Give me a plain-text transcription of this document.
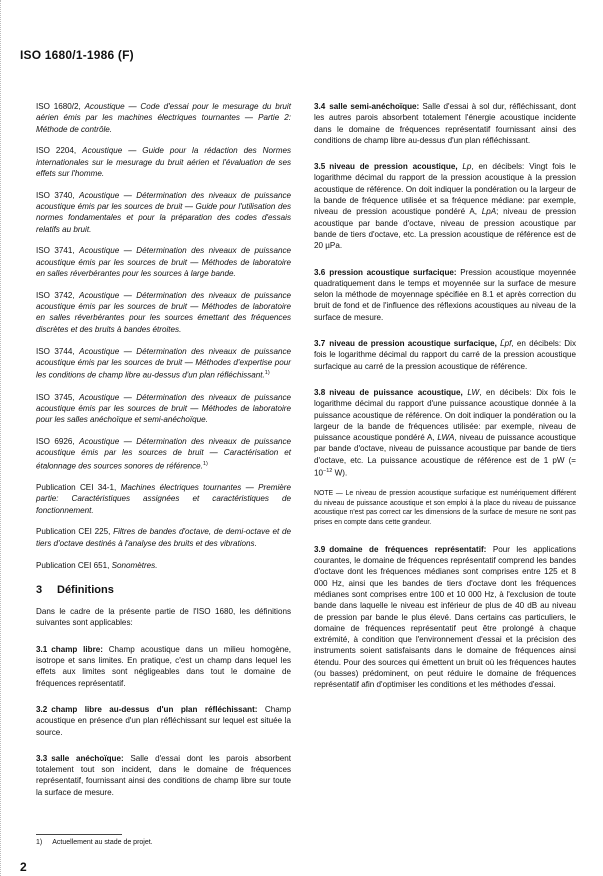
ISO 1680/1-1986 (F)

ISO 1680/2, Acoustique — Code d'essai pour le mesurage du bruit aérien émis par les machines électriques tournantes — Partie 2: Méthode de contrôle.

ISO 2204, Acoustique — Guide pour la rédaction des Normes internationales sur le mesurage du bruit aérien et l'évaluation de ses effets sur l'homme.

ISO 3740, Acoustique — Détermination des niveaux de puissance acoustique émis par les sources de bruit — Guide pour l'utilisation des normes fondamentales et pour la préparation des codes d'essais relatifs au bruit.

ISO 3741, Acoustique — Détermination des niveaux de puissance acoustique émis par les sources de bruit — Méthodes de laboratoire en salles réverbérantes pour les sources à large bande.

ISO 3742, Acoustique — Détermination des niveaux de puissance acoustique émis par les sources de bruit — Méthodes de laboratoire en salles réverbérantes pour les sources émettant des fréquences discrètes et des bruits à bandes étroites.

ISO 3744, Acoustique — Détermination des niveaux de puissance acoustique émis par les sources de bruit — Méthodes d'expertise pour les conditions de champ libre au-dessus d'un plan réfléchissant.$^{1)}$

ISO 3745, Acoustique — Détermination des niveaux de puissance acoustique émis par les sources de bruit — Méthodes de laboratoire pour les salles anéchoïque et semi-anéchoïque.

ISO 6926, Acoustique — Détermination des niveaux de puissance acoustique émis par les sources de bruit — Caractérisation et étalonnage des sources sonores de référence.$^{1)}$

Publication CEI 34-1, Machines électriques tournantes — Première partie: Caractéristiques assignées et caractéristiques de fonctionnement.

Publication CEI 225, Filtres de bandes d'octave, de demi-octave et de tiers d'octave destinés à l'analyse des bruits et des vibrations.

Publication CEI 651, Sonomètres.

3 Définitions

Dans le cadre de la présente partie de l'ISO 1680, les définitions suivantes sont applicables:

3.1 champ libre: Champ acoustique dans un milieu homogène, isotrope et sans limites. En pratique, c'est un champ dans lequel les effets aux limites sont négligeables dans tout le domaine de fréquences représentatif.

3.2 champ libre au-dessus d'un plan réfléchissant: Champ acoustique en présence d'un plan réfléchissant sur lequel est située la source.

3.3 salle anéchoïque: Salle d'essai dont les parois absorbent totalement tout son incident, dans le domaine de fréquences représentatif, fournissant ainsi des conditions de champ libre sur toute la surface de mesure.

3.4 salle semi-anéchoïque: Salle d'essai à sol dur, réfléchissant, dont les autres parois absorbent totalement l'énergie acoustique incidente dans le domaine de fréquences représentatif fournissant ainsi des conditions de champ libre au-dessus d'un plan réfléchissant.

3.5 niveau de pression acoustique, Lp, en décibels: Vingt fois le logarithme décimal du rapport de la pression acoustique à la pression acoustique de référence. On doit indiquer la pondération ou la largeur de la bande de fréquence utilisée et sa fréquence médiane: par exemple, niveau de pression acoustique pondéré A, LpA; niveau de pression acoustique par bande d'octave, niveau de pression acoustique par bande de tiers d'octave, etc. La pression acoustique de référence est de 20 µPa.

3.6 pression acoustique surfacique: Pression acoustique moyennée quadratiquement dans le temps et moyennée sur la surface de mesure selon la méthode de moyennage spécifiée en 8.1 et après correction du bruit de fond et de l'influence des réflexions acoustiques au niveau de la surface de mesure.

3.7 niveau de pression acoustique surfacique, L̄pf, en décibels: Dix fois le logarithme décimal du rapport du carré de la pression acoustique surfacique au carré de la pression acoustique de référence.

3.8 niveau de puissance acoustique, LW, en décibels: Dix fois le logarithme décimal du rapport d'une puissance acoustique donnée à la puissance acoustique de référence. On doit indiquer la pondération ou la largeur de la bande de fréquences utilisée: par exemple, niveau de puissance acoustique pondéré A, LWA, niveau de puissance acoustique par bande d'octave, niveau de puissance acoustique par bande de tiers d'octave, etc. La puissance acoustique de référence est de 1 pW (= $10^{-12}$ W).

NOTE — Le niveau de pression acoustique surfacique est numériquement différent du niveau de puissance acoustique et son emploi à la place du niveau de puissance acoustique n'est pas correct car les dimensions de la surface de mesure ne sont pas prises en compte dans cette grandeur.

3.9 domaine de fréquences représentatif: Pour les applications courantes, le domaine de fréquences représentatif comprend les bandes d'octave dont les fréquences médianes sont comprises entre 125 et 8 000 Hz, ainsi que les bandes de tiers d'octave dont les fréquences médianes sont comprises entre 100 et 10 000 Hz, à l'exclusion de toute bande dans laquelle le niveau est inférieur de plus de 40 dB au niveau de pression par bande le plus élevé. Dans certains cas particuliers, le domaine de fréquences représentatif peut être prolongé à chaque extrémité, à condition que l'environnement d'essai et la précision des instruments soient satisfaisants dans le domaine de fréquences ainsi étendu. Pour des sources qui émettent un bruit où les fréquences hautes (ou basses) prédominent, on peut réduire le domaine de fréquences représentatif afin d'optimiser les conditions et les méthodes d'essai.

1) Actuellement au stade de projet.
2
